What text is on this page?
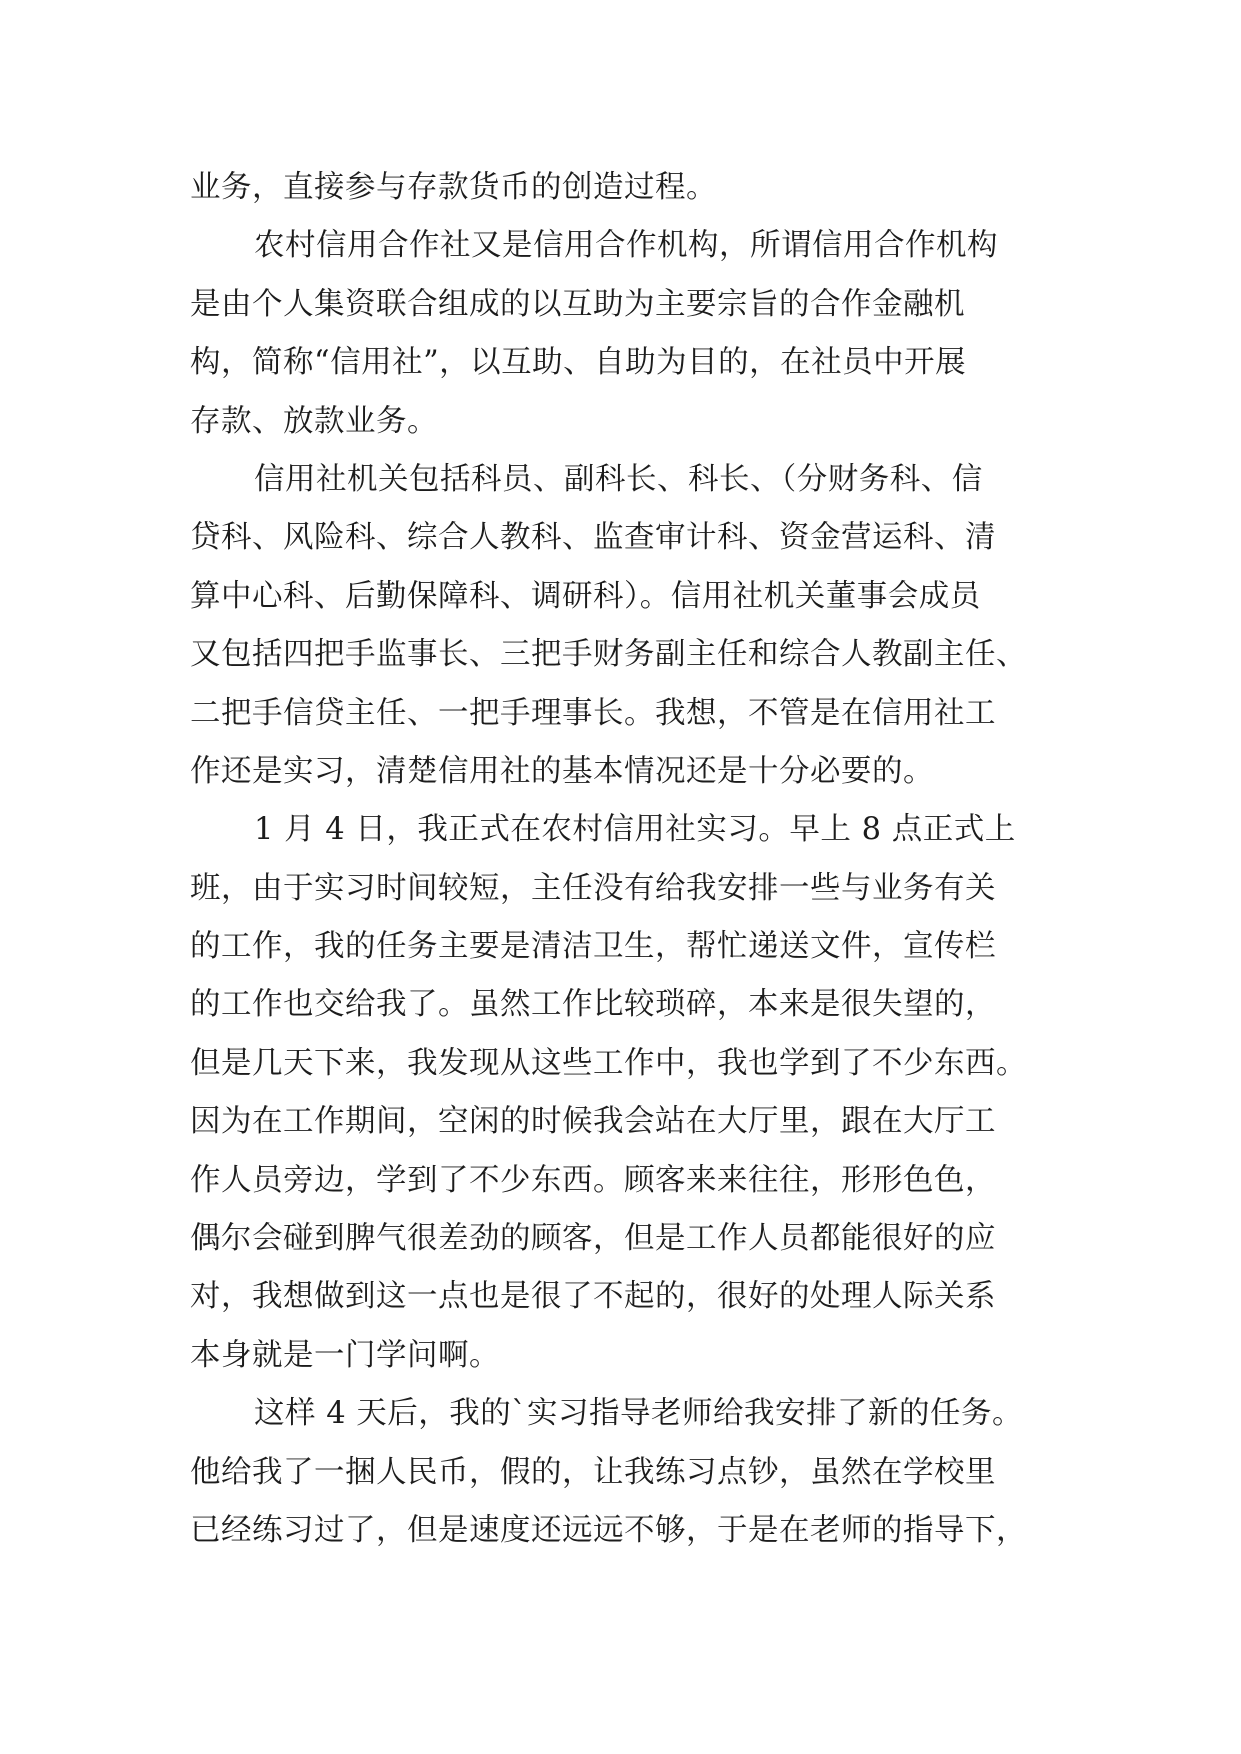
业务，直接参与存款货币的创造过程。
农村信用合作社又是信用合作机构，所谓信用合作机构
是由个人集资联合组成的以互助为主要宗旨的合作金融机
构，简称“信用社”，以互助、自助为目的，在社员中开展
存款、放款业务。
信用社机关包括科员、副科长、科长、（分财务科、信
贷科、风险科、综合人教科、监查审计科、资金营运科、清
算中心科、后勤保障科、调研科）。信用社机关董事会成员
又包括四把手监事长、三把手财务副主任和综合人教副主任、
二把手信贷主任、一把手理事长。我想，不管是在信用社工
作还是实习，清楚信用社的基本情况还是十分必要的。
1 月 4 日，我正式在农村信用社实习。早上 8 点正式上
班，由于实习时间较短，主任没有给我安排一些与业务有关
的工作，我的任务主要是清洁卫生，帮忙递送文件，宣传栏
的工作也交给我了。虽然工作比较琐碎，本来是很失望的，
但是几天下来，我发现从这些工作中，我也学到了不少东西。
因为在工作期间，空闲的时候我会站在大厅里，跟在大厅工
作人员旁边，学到了不少东西。顾客来来往往，形形色色，
偶尔会碰到脾气很差劲的顾客，但是工作人员都能很好的应
对，我想做到这一点也是很了不起的，很好的处理人际关系
本身就是一门学问啊。
这样 4 天后，我的`实习指导老师给我安排了新的任务。
他给我了一捆人民币，假的，让我练习点钞，虽然在学校里
已经练习过了，但是速度还远远不够，于是在老师的指导下，
